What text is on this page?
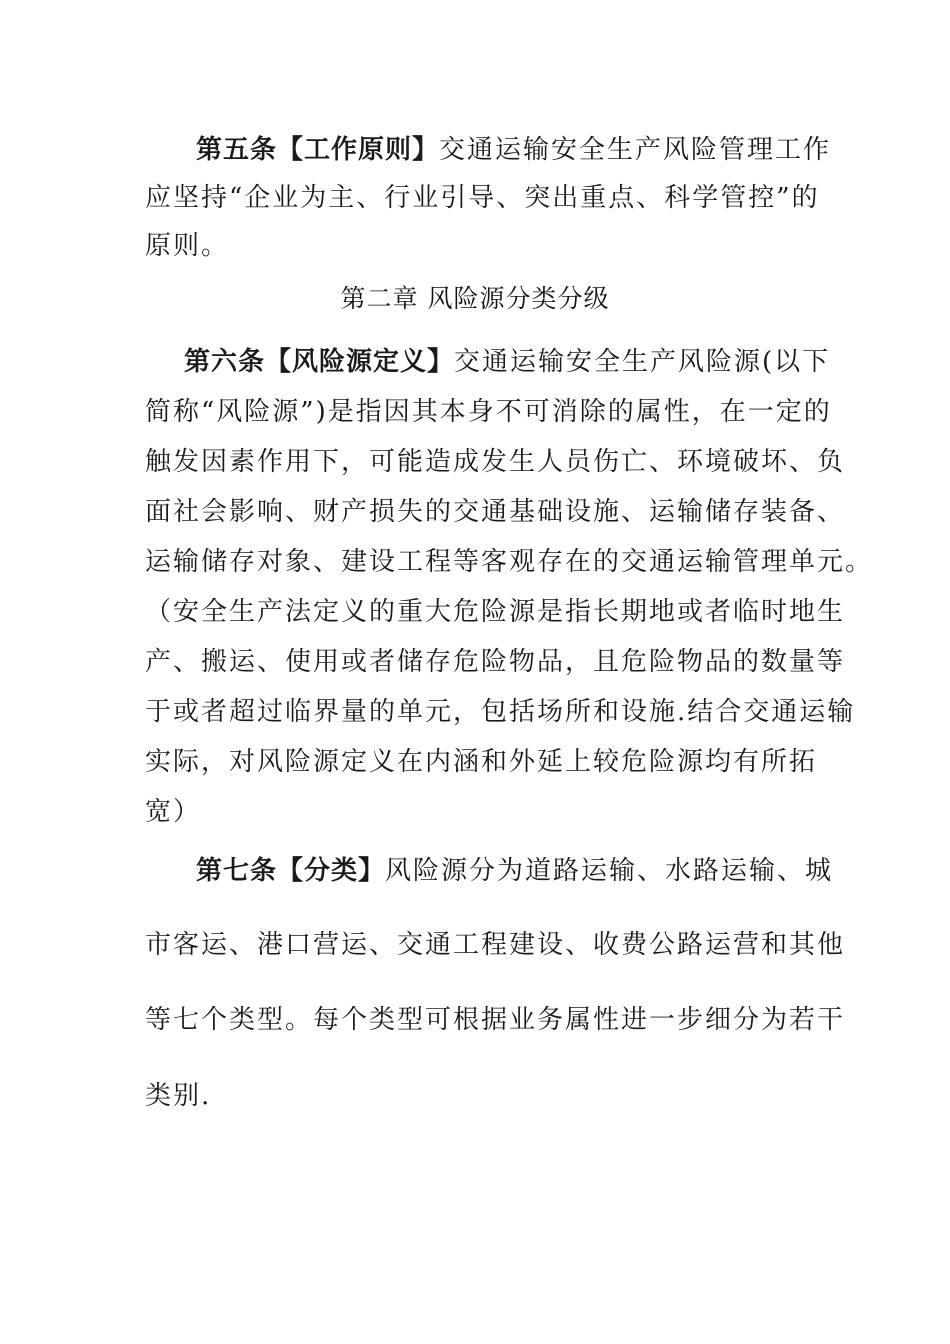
第五条【工作原则】交通运输安全生产风险管理工作
应坚持“企业为主、行业引导、突出重点、科学管控”的
原则。
第二章 风险源分类分级
第六条【风险源定义】交通运输安全生产风险源(以下
简称“风险源”)是指因其本身不可消除的属性，在一定的
触发因素作用下，可能造成发生人员伤亡、环境破坏、负
面社会影响、财产损失的交通基础设施、运输储存装备、
运输储存对象、建设工程等客观存在的交通运输管理单元。
（安全生产法定义的重大危险源是指长期地或者临时地生
产、搬运、使用或者储存危险物品，且危险物品的数量等
于或者超过临界量的单元，包括场所和设施.结合交通运输
实际，对风险源定义在内涵和外延上较危险源均有所拓
宽）
第七条【分类】风险源分为道路运输、水路运输、城
市客运、港口营运、交通工程建设、收费公路运营和其他
等七个类型。每个类型可根据业务属性进一步细分为若干
类别.
